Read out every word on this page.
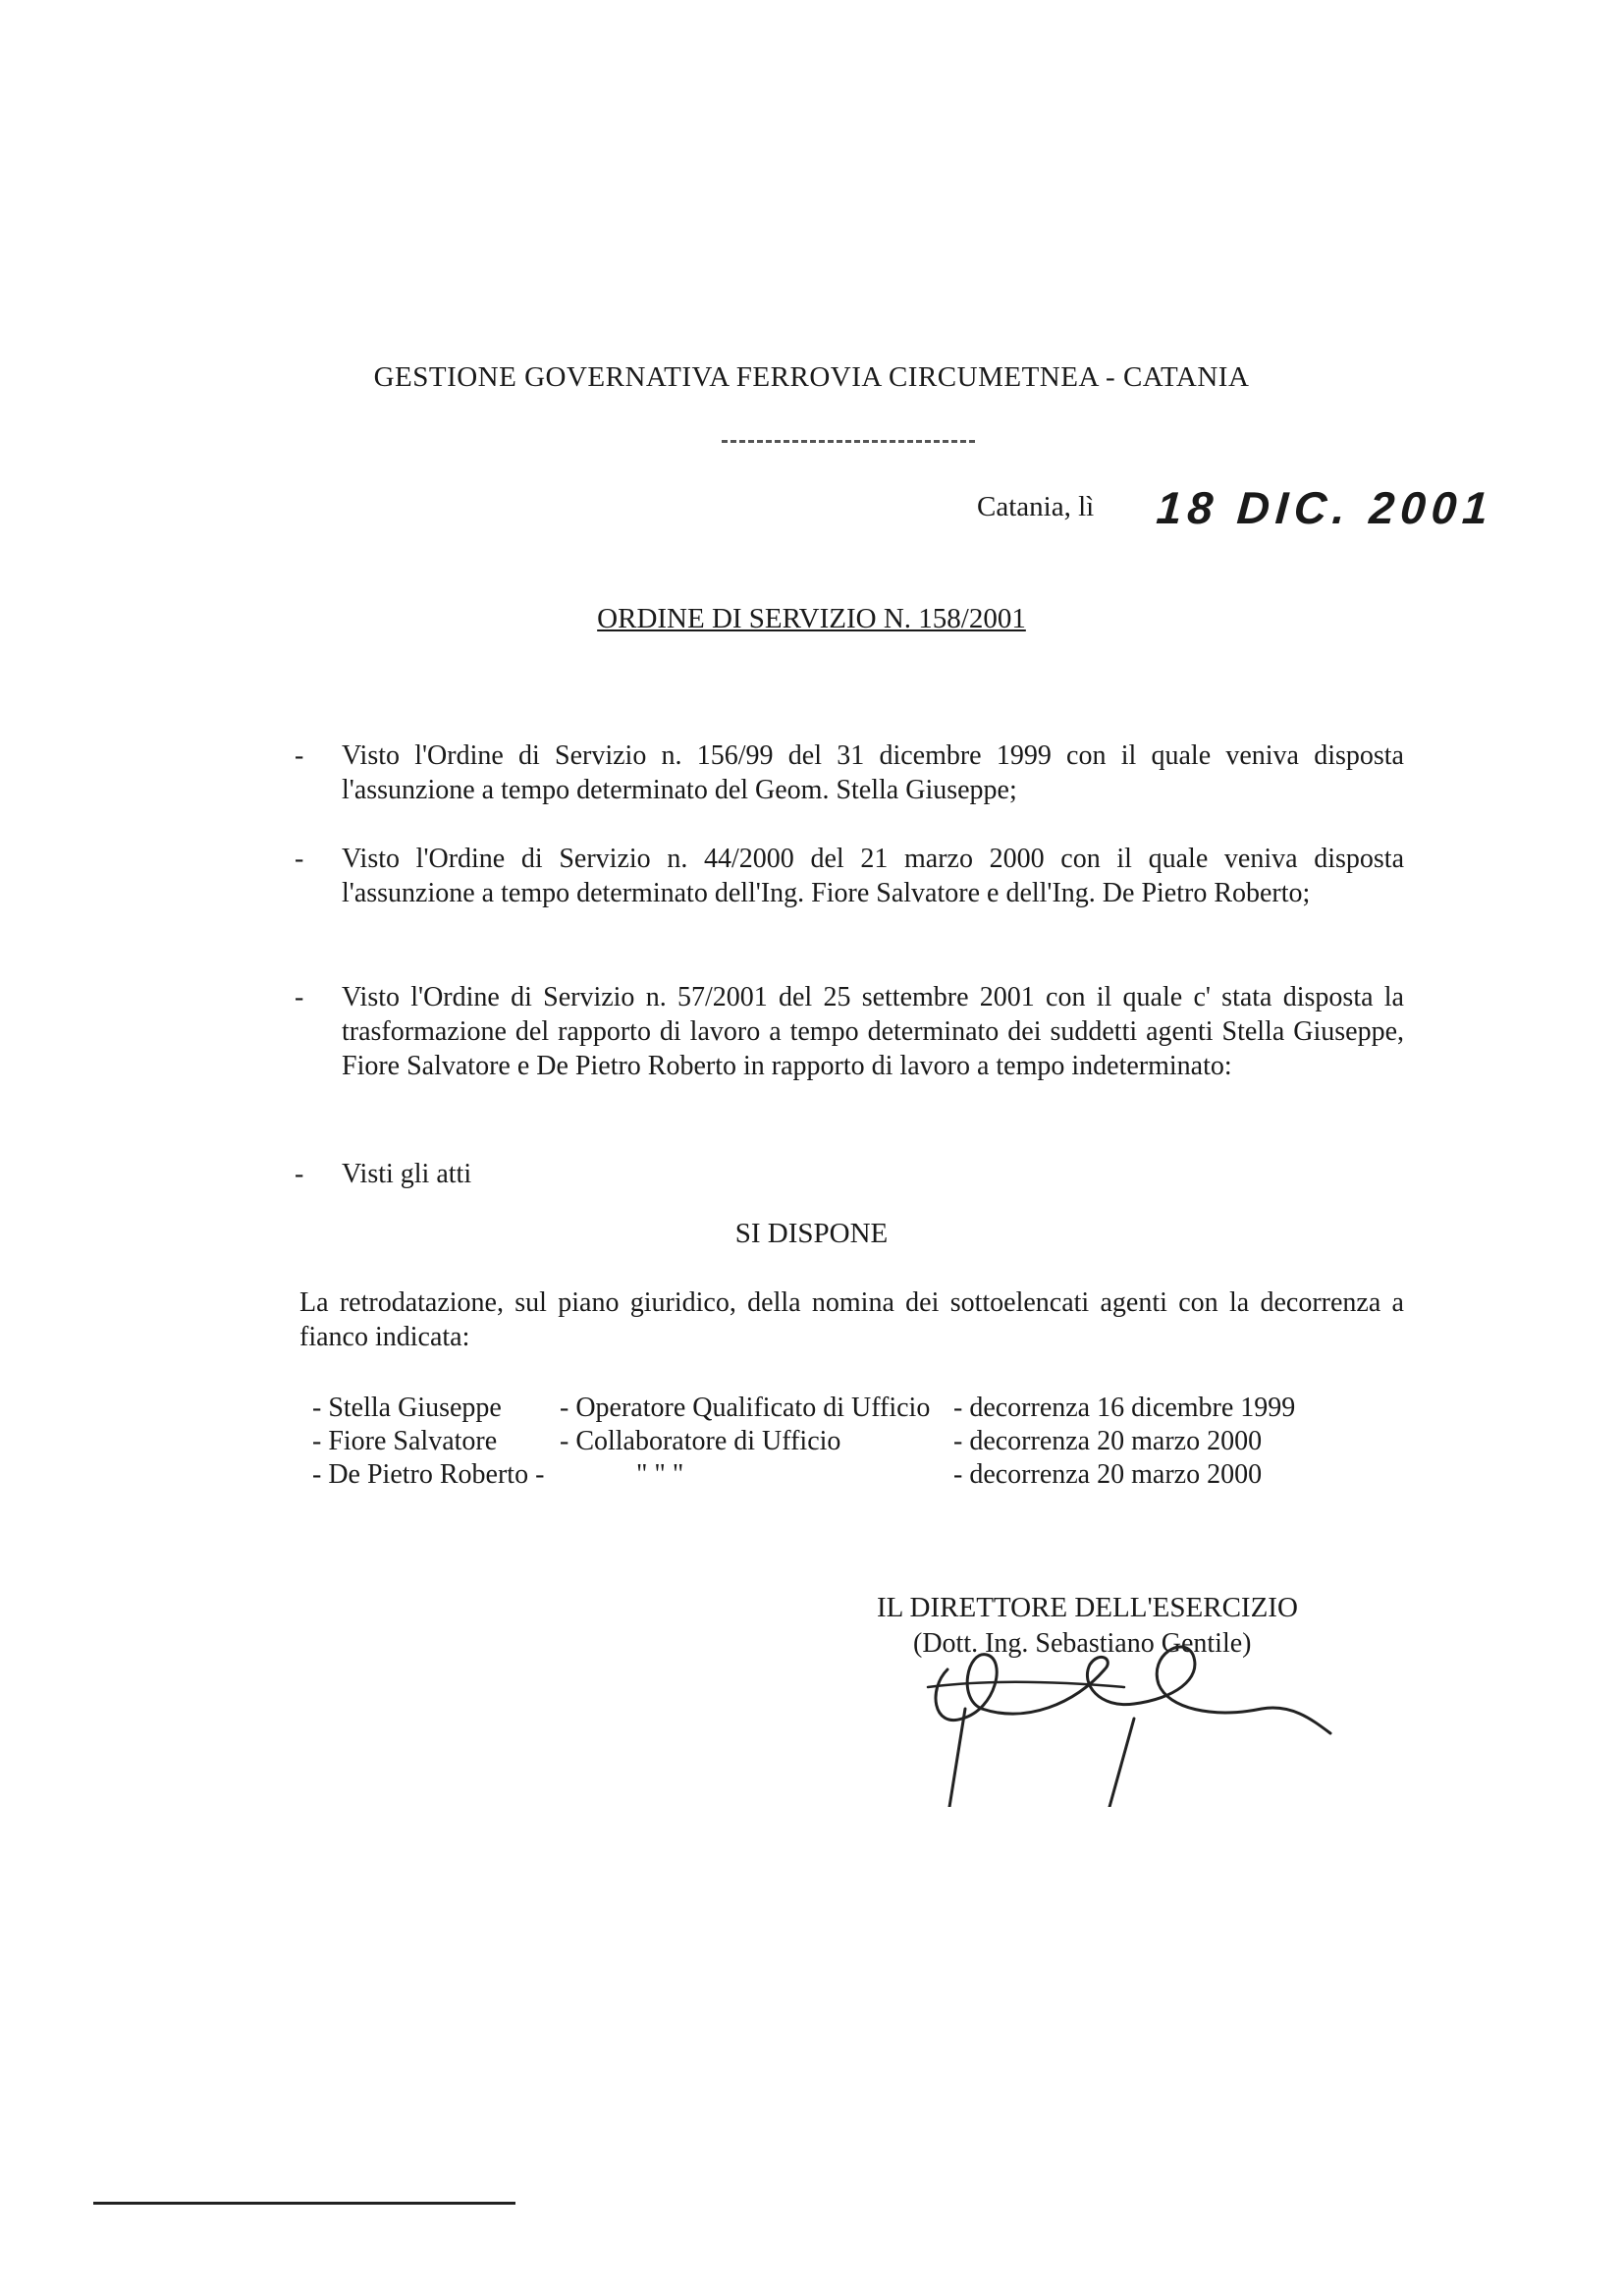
GESTIONE GOVERNATIVA FERROVIA CIRCUMETNEA - CATANIA
Catania, lì 18 DIC. 2001
ORDINE DI SERVIZIO N. 158/2001
- Visto l'Ordine di Servizio n. 156/99 del 31 dicembre 1999 con il quale veniva disposta l'assunzione a tempo determinato del Geom. Stella Giuseppe;
- Visto l'Ordine di Servizio n. 44/2000 del 21 marzo 2000 con il quale veniva disposta l'assunzione a tempo determinato dell'Ing. Fiore Salvatore e dell'Ing. De Pietro Roberto;
- Visto l'Ordine di Servizio n. 57/2001 del 25 settembre 2001 con il quale c' stata disposta la trasformazione del rapporto di lavoro a tempo determinato dei suddetti agenti Stella Giuseppe, Fiore Salvatore e De Pietro Roberto in rapporto di lavoro a tempo indeterminato:
- Visti gli atti
SI DISPONE
La retrodatazione, sul piano giuridico, della nomina dei sottoelencati agenti con la decorrenza a fianco indicata:
- Stella Giuseppe - Operatore Qualificato di Ufficio - decorrenza 16 dicembre 1999
- Fiore Salvatore - Collaboratore di Ufficio	- decorrenza 20 marzo 2000
- De Pietro Roberto -	" " "	- decorrenza 20 marzo 2000
IL DIRETTORE DELL'ESERCIZIO
(Dott. Ing. Sebastiano Gentile)
